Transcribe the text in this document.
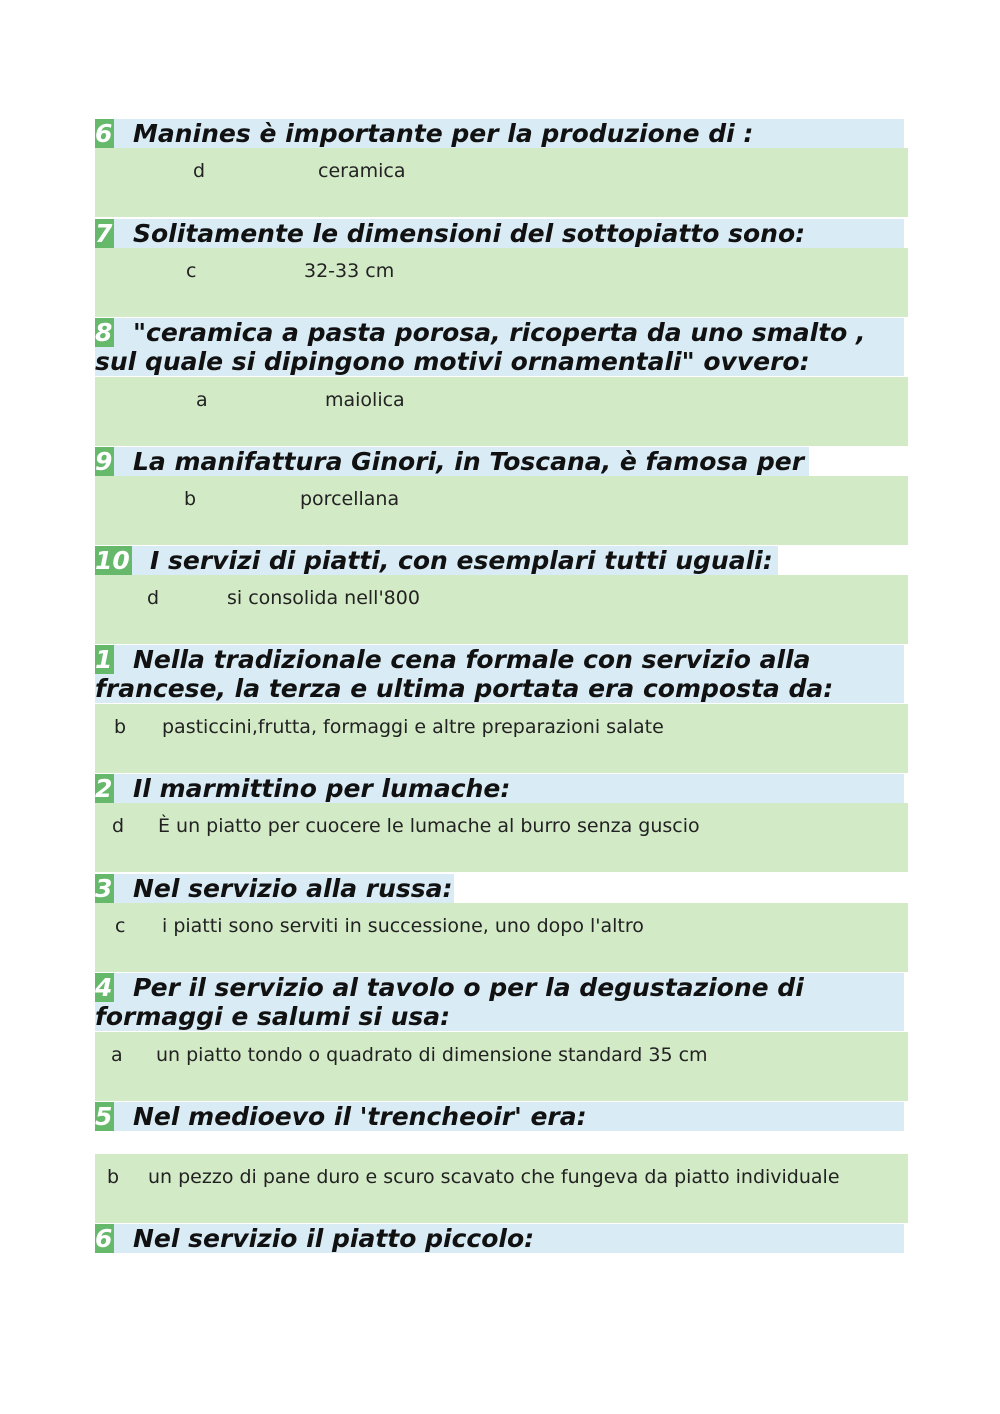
6 Manines è importante per la produzione di :
d	ceramica
7 Solitamente le dimensioni del sottopiatto sono:
c	32-33 cm
8 "ceramica a pasta porosa, ricoperta da uno smalto ,
sul quale si dipingono motivi ornamentali" ovvero:
a	maiolica
9 La manifattura Ginori, in Toscana, è famosa per
b	porcellana
10 I servizi di piatti, con esemplari tutti uguali:
d	si consolida nell'800
1 Nella tradizionale cena formale con servizio alla
francese, la terza e ultima portata era composta da:
b pasticcini,frutta, formaggi e altre preparazioni salate
2 Il marmittino per lumache:
d È un piatto per cuocere le lumache al burro senza guscio
3 Nel servizio alla russa:
c i piatti sono serviti in successione, uno dopo l'altro
4 Per il servizio al tavolo o per la degustazione di
formaggi e salumi si usa:
a un piatto tondo o quadrato di dimensione standard 35 cm
5 Nel medioevo il 'trencheoir' era:
b un pezzo di pane duro e scuro scavato che fungeva da piatto individuale
6 Nel servizio il piatto piccolo:
